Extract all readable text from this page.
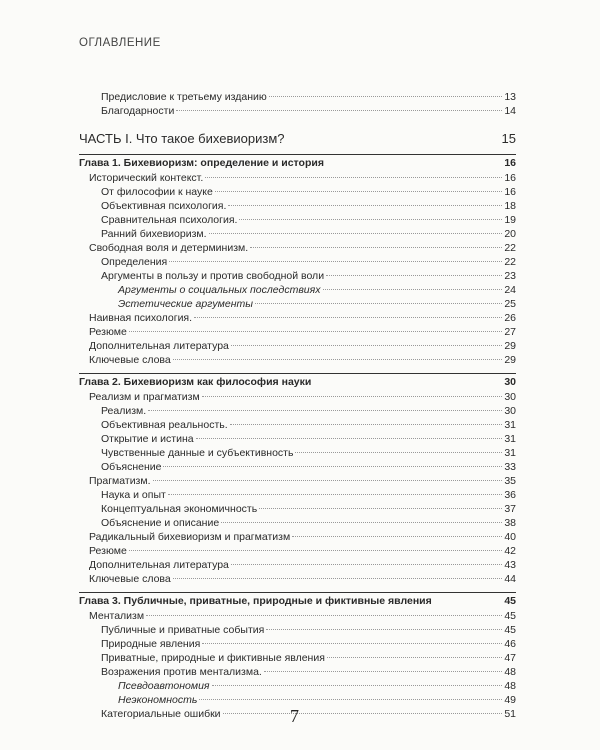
ОГЛАВЛЕНИЕ
Предисловие к третьему изданию	13
Благодарности	14
ЧАСТЬ I. Что такое бихевиоризм?	15
Глава 1. Бихевиоризм: определение и история	16
Исторический контекст.	16
От философии к науке	16
Объективная психология.	18
Сравнительная психология.	19
Ранний бихевиоризм.	20
Свободная воля и детерминизм.	22
Определения	22
Аргументы в пользу и против свободной воли	23
Аргументы о социальных последствиях	24
Эстетические аргументы	25
Наивная психология.	26
Резюме	27
Дополнительная литература	29
Ключевые слова	29
Глава 2. Бихевиоризм как философия науки	30
Реализм и прагматизм	30
Реализм.	30
Объективная реальность.	31
Открытие и истина	31
Чувственные данные и субъективность	31
Объяснение	33
Прагматизм.	35
Наука и опыт	36
Концептуальная экономичность	37
Объяснение и описание	38
Радикальный бихевиоризм и прагматизм	40
Резюме	42
Дополнительная литература	43
Ключевые слова	44
Глава 3. Публичные, приватные, природные и фиктивные явления	45
Ментализм	45
Публичные и приватные события	45
Природные явления	46
Приватные, природные и фиктивные явления	47
Возражения против ментализма.	48
Псевдоавтономия	48
Неэкономность	49
Категориальные ошибки	51
7
